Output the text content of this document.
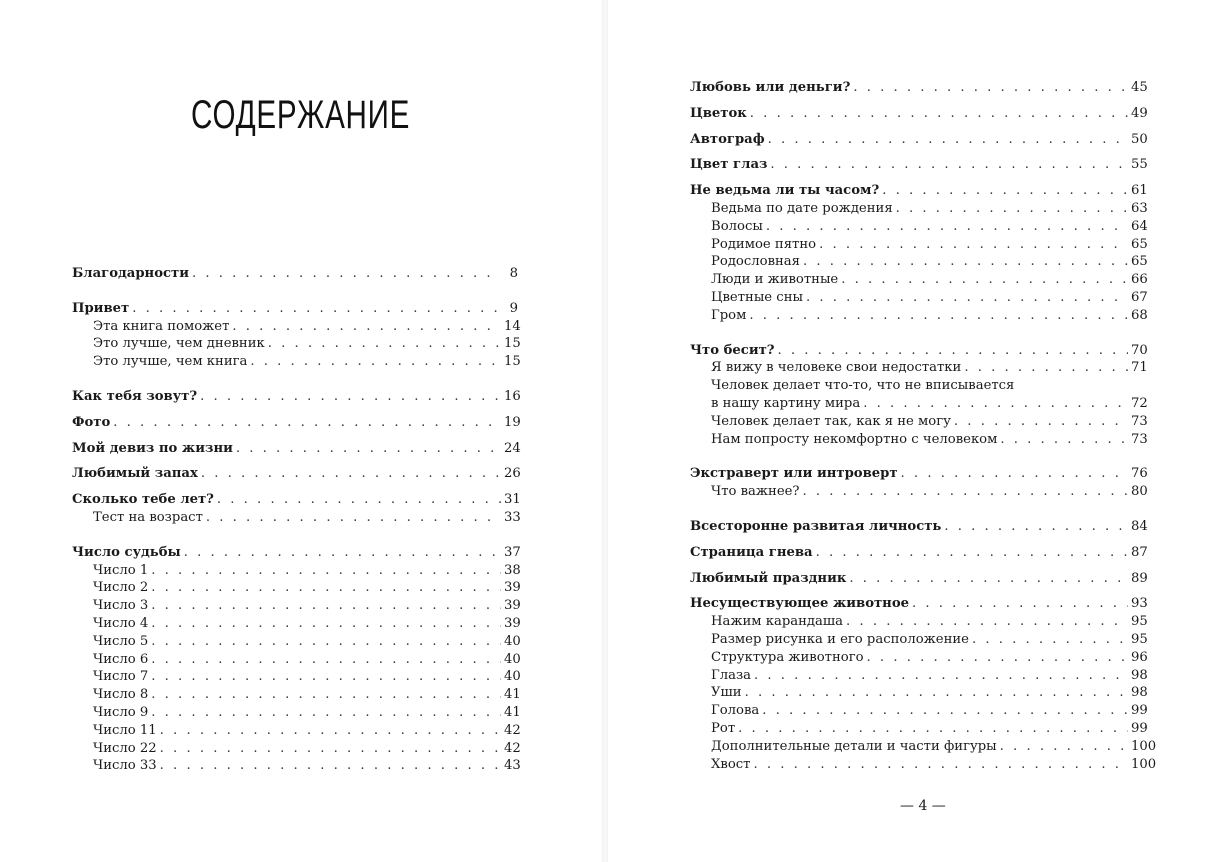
СОДЕРЖАНИЕ
Благодарности . . .	8
Привет . . .	9
Эта книга поможет . . .	14
Это лучше, чем дневник . . .	15
Это лучше, чем книга . . .	15
Как тебя зовут? . . .	16
Фото . . .	19
Мой девиз по жизни . . .	24
Любимый запах . . .	26
Сколько тебе лет? . . .	31
Тест на возраст . . .	33
Число судьбы . . .	37
Число 1 . . .	38
Число 2 . . .	39
Число 3 . . .	39
Число 4 . . .	39
Число 5 . . .	40
Число 6 . . .	40
Число 7 . . .	40
Число 8 . . .	41
Число 9 . . .	41
Число 11 . . .	42
Число 22 . . .	42
Число 33 . . .	43
Любовь или деньги? . . .	45
Цветок . . .	49
Автограф . . .	50
Цвет глаз . . .	55
Не ведьма ли ты часом? . . .	61
Ведьма по дате рождения . . .	63
Волосы . . .	64
Родимое пятно . . .	65
Родословная . . .	65
Люди и животные . . .	66
Цветные сны . . .	67
Гром . . .	68
Что бесит? . . .	70
Я вижу в человеке свои недостатки . . .	71
Человек делает что-то, что не вписывается
в нашу картину мира . . .	72
Человек делает так, как я не могу . . .	73
Нам попросту некомфортно с человеком . . .	73
Экстраверт или интроверт . . .	76
Что важнее? . . .	80
Всесторонне развитая личность . . .	84
Страница гнева . . .	87
Любимый праздник . . .	89
Несуществующее животное . . .	93
Нажим карандаша . . .	95
Размер рисунка и его расположение . . .	95
Структура животного . . .	96
Глаза . . .	98
Уши . . .	98
Голова . . .	99
Рот . . .	99
Дополнительные детали и части фигуры . . .	100
Хвост . . .	100
— 4 —
